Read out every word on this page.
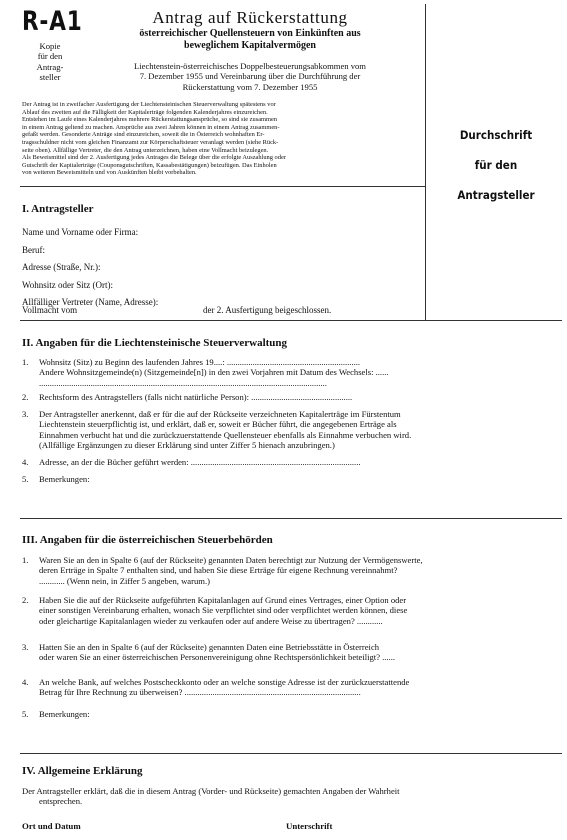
R-A1
Kopie
für den
Antrag-
steller
Antrag auf Rückerstattung
österreichischer Quellensteuern von Einkünften aus
beweglichem Kapitalvermögen
Liechtenstein-österreichisches Doppelbesteuerungsabkommen vom
7. Dezember 1955 und Vereinbarung über die Durchführung der
Rückerstattung vom 7. Dezember 1955
Der Antrag ist in zweifacher Ausfertigung der Liechtensteinischen Steuerverwaltung spätestens vor
Ablauf des zweiten auf die Fälligkeit der Kapitalerträge folgenden Kalenderjahres einzureichen.
Entstehen im Laufe eines Kalenderjahres mehrere Rückerstattungsansprüche, so sind sie zusammen
in einem Antrag geltend zu machen. Ansprüche aus zwei Jahren können in einem Antrag zusammen-
gefaßt werden. Gesonderte Anträge sind einzureichen, soweit die in Österreich wohnhaften Er-
tragsschuldner nicht vom gleichen Finanzamt zur Körperschaftsteuer veranlagt werden (siehe Rück-
seite oben). Allfällige Vertreter, die den Antrag unterzeichnen, haben eine Vollmacht beizulegen.
Als Beweismittel sind der 2. Ausfertigung jedes Antrages die Belege über die erfolgte Auszahlung oder
Gutschrift der Kapitalerträge (Couponsgutschriften, Kassabestätigungen) beizufügen. Das Einholen
von weiteren Beweismitteln und von Auskünften bleibt vorbehalten.
Durchschrift
für den
Antragsteller
I. Antragsteller
Name und Vorname oder Firma:
Beruf:
Adresse (Straße, Nr.):
Wohnsitz oder Sitz (Ort):
Allfälliger Vertreter (Name, Adresse):
Vollmacht vom	der 2. Ausfertigung beigeschlossen.
II. Angaben für die Liechtensteinische Steuerverwaltung
1.	Wohnsitz (Sitz) zu Beginn des laufenden Jahres 19....: ..............................................................
Andere Wohnsitzgemeinde(n) (Sitzgemeinde[n]) in den zwei Vorjahren mit Datum des Wechsels: ......
......................................................................................................................................
2.	Rechtsform des Antragstellers (falls nicht natürliche Person): ...............................................
3.	Der Antragsteller anerkennt, daß er für die auf der Rückseite verzeichneten Kapitalerträge im Fürstentum
Liechtenstein steuerpflichtig ist, und erklärt, daß er, soweit er Bücher führt, die angegebenen Erträge als
Einnahmen verbucht hat und die zurückzuerstattende Quellensteuer ebenfalls als Einnahme verbuchen wird.
(Allfällige Ergänzungen zu dieser Erklärung sind unter Ziffer 5 hienach anzubringen.)
4.	Adresse, an der die Bücher geführt werden: ...............................................................................
5.	Bemerkungen:
III. Angaben für die österreichischen Steuerbehörden
1.	Waren Sie an den in Spalte 6 (auf der Rückseite) genannten Daten berechtigt zur Nutzung der Vermögenswerte,
deren Erträge in Spalte 7 enthalten sind, und haben Sie diese Erträge für eigene Rechnung vereinnahmt?
............ (Wenn nein, in Ziffer 5 angeben, warum.)
2.	Haben Sie die auf der Rückseite aufgeführten Kapitalanlagen auf Grund eines Vertrages, einer Option oder
einer sonstigen Vereinbarung erhalten, wonach Sie verpflichtet sind oder verpflichtet werden können, diese
oder gleichartige Kapitalanlagen wieder zu verkaufen oder auf andere Weise zu übertragen? ............
3.	Hatten Sie an den in Spalte 6 (auf der Rückseite) genannten Daten eine Betriebsstätte in Österreich
oder waren Sie an einer österreichischen Personenvereinigung ohne Rechtspersönlichkeit beteiligt? ......
4.	An welche Bank, auf welches Postscheckkonto oder an welche sonstige Adresse ist der zurückzuerstattende
Betrag für Ihre Rechnung zu überweisen? ..................................................................................
5.	Bemerkungen:
IV. Allgemeine Erklärung
Der Antragsteller erklärt, daß die in diesem Antrag (Vorder- und Rückseite) gemachten Angaben der Wahrheit
entsprechen.
Ort und Datum	Unterschrift
